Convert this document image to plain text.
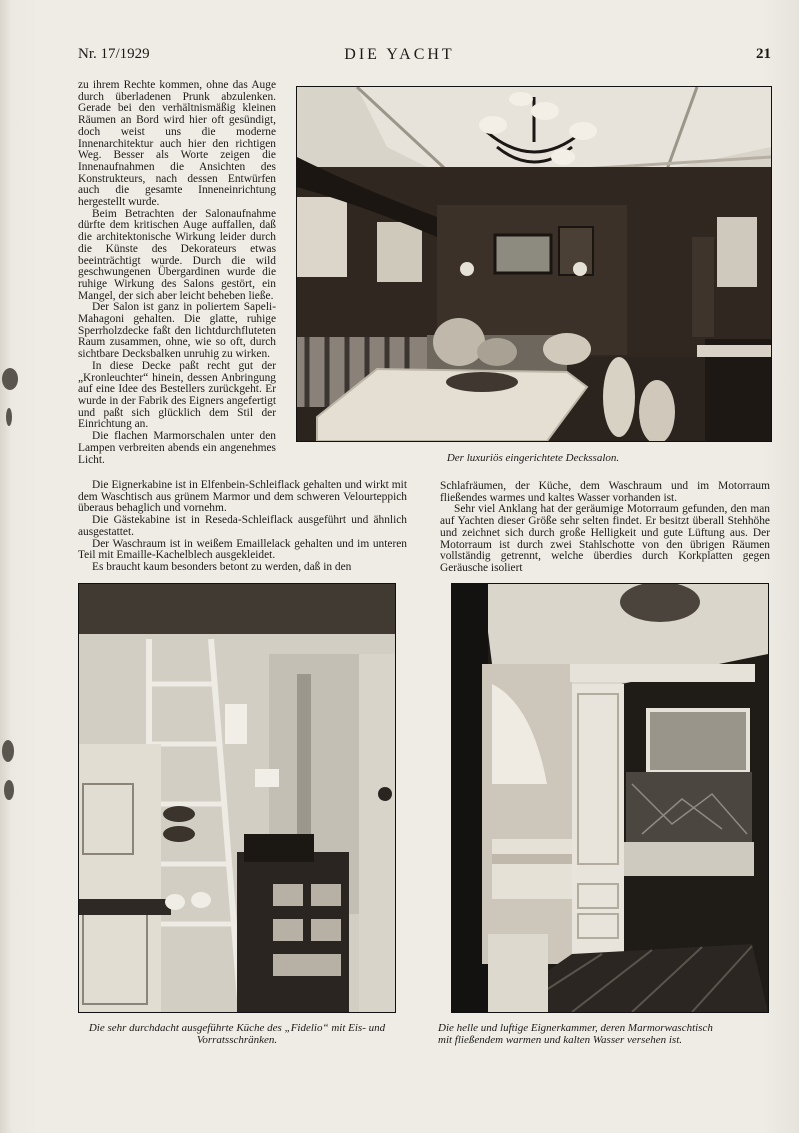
Nr. 17/1929	DIE YACHT	21

zu ihrem Rechte kommen, ohne das Auge durch überladenen Prunk abzulenken. Gerade bei den verhältnismäßig kleinen Räumen an Bord wird hier oft gesündigt, doch weist uns die moderne Innenarchitektur auch hier den richtigen Weg. Besser als Worte zeigen die Innenaufnahmen die Ansichten des Konstrukteurs, nach dessen Entwürfen auch die gesamte Inneneinrichtung hergestellt wurde.

Beim Betrachten der Salonaufnahme dürfte dem kritischen Auge auffallen, daß die architektonische Wirkung leider durch die Künste des Dekorateurs etwas beeinträchtigt wurde. Durch die wild geschwungenen Übergardinen wurde die ruhige Wirkung des Salons gestört, ein Mangel, der sich aber leicht beheben ließe.

Der Salon ist ganz in poliertem Sapeli-Mahagoni gehalten. Die glatte, ruhige Sperrholzdecke faßt den lichtdurchfluteten Raum zusammen, ohne, wie so oft, durch sichtbare Decksbalken unruhig zu wirken.

In diese Decke paßt recht gut der „Kronleuchter“ hinein, dessen Anbringung auf eine Idee des Bestellers zurückgeht. Er wurde in der Fabrik des Eigners angefertigt und paßt sich glücklich dem Stil der Einrichtung an.

Die flachen Marmorschalen unter den Lampen verbreiten abends ein angenehmes Licht.	Der luxuriös eingerichtete Deckssalon.

Die Eignerkabine ist in Elfenbein-Schleiflack gehalten und wirkt mit dem Waschtisch aus grünem Marmor und dem schweren Velourteppich überaus behaglich und vornehm.

Die Gästekabine ist in Reseda-Schleiflack ausgeführt und ähnlich ausgestattet.

Der Waschraum ist in weißem Emaillelack gehalten und im unteren Teil mit Emaille-Kachelblech ausgekleidet.

Es braucht kaum besonders betont zu werden, daß in den

Schlafräumen, der Küche, dem Waschraum und im Motorraum fließendes warmes und kaltes Wasser vorhanden ist.

Sehr viel Anklang hat der geräumige Motorraum gefunden, den man auf Yachten dieser Größe sehr selten findet. Er besitzt überall Stehhöhe und zeichnet sich durch große Helligkeit und gute Lüftung aus. Der Motorraum ist durch zwei Stahlschotte von den übrigen Räumen vollständig getrennt, welche überdies durch Korkplatten gegen Geräusche isoliert

Die sehr durchdacht ausgeführte Küche des „Fidelio“ mit Eis- und Vorratsschränken.
Die helle und luftige Eignerkammer, deren Marmorwaschtisch
mit fließendem warmen und kalten Wasser versehen ist.
